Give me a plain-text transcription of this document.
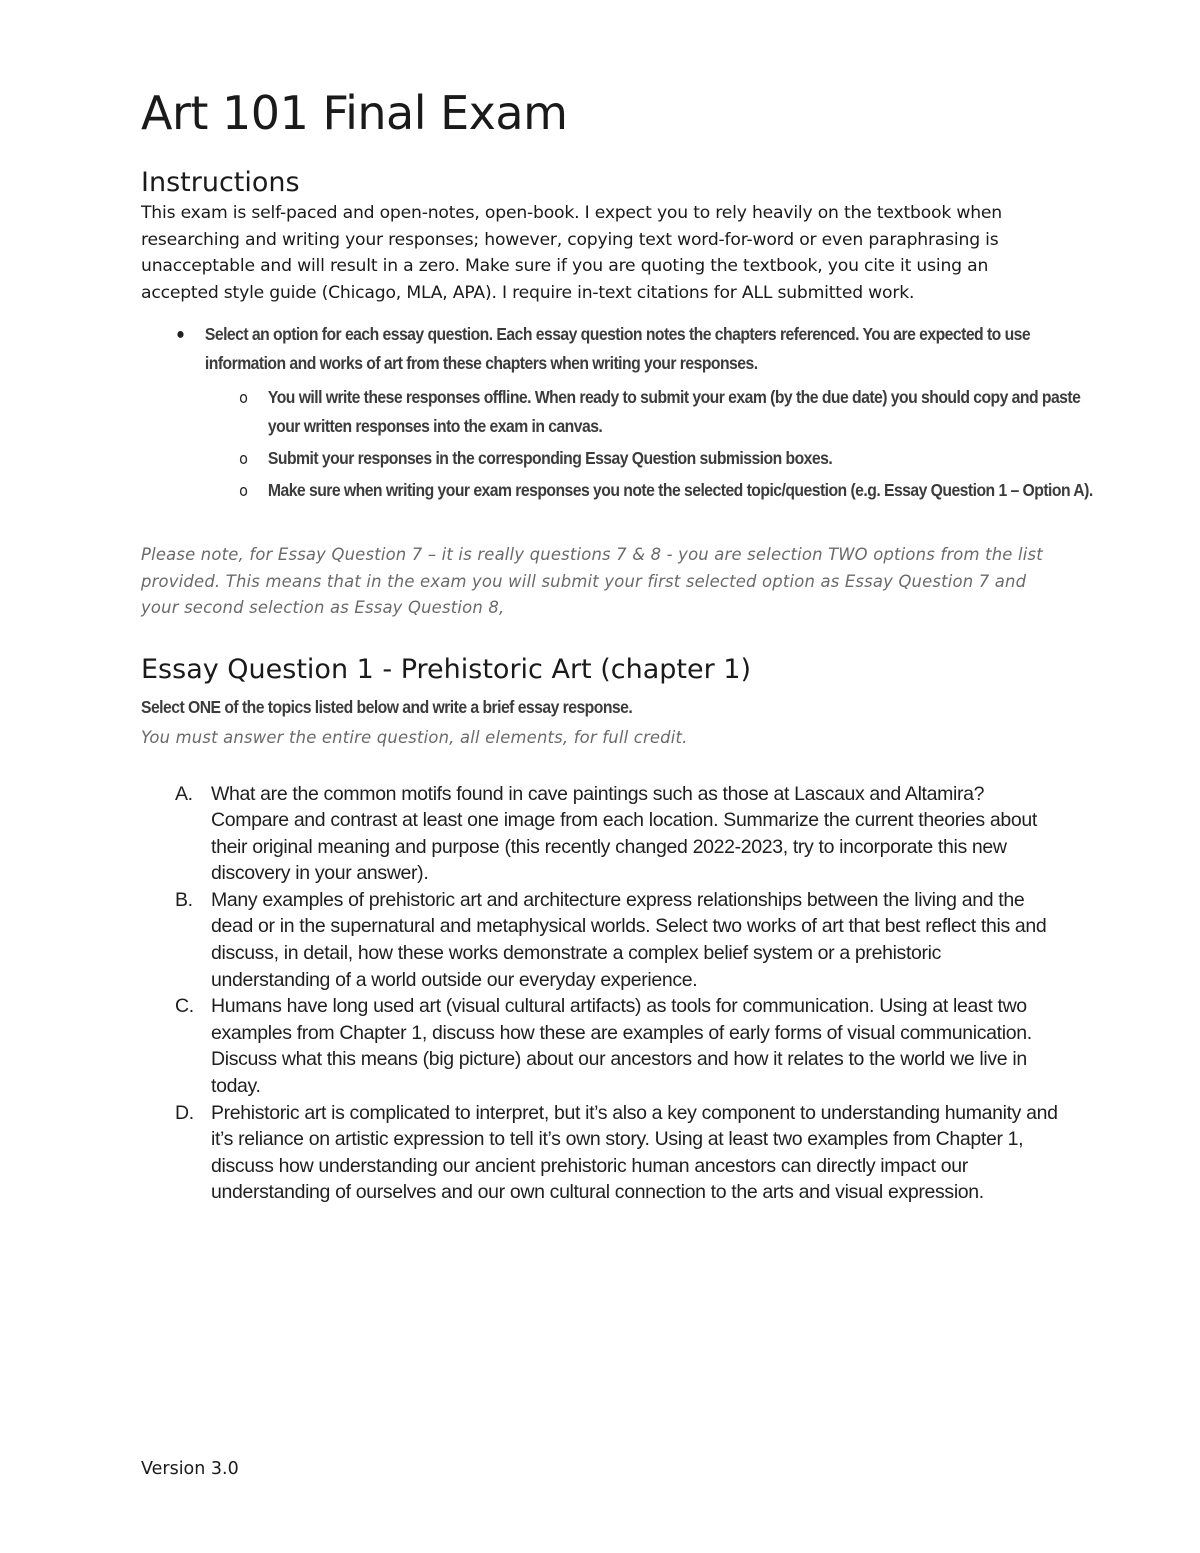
Art 101 Final Exam
Instructions

This exam is self-paced and open-notes, open-book. I expect you to rely heavily on the textbook when researching and writing your responses; however, copying text word-for-word or even paraphrasing is unacceptable and will result in a zero. Make sure if you are quoting the textbook, you cite it using an accepted style guide (Chicago, MLA, APA). I require in-text citations for ALL submitted work.

● Select an option for each essay question. Each essay question notes the chapters referenced. You are expected to use information and works of art from these chapters when writing your responses.
o You will write these responses offline. When ready to submit your exam (by the due date) you should copy and paste your written responses into the exam in canvas.
o Submit your responses in the corresponding Essay Question submission boxes.
o Make sure when writing your exam responses you note the selected topic/question (e.g. Essay Question 1 – Option A).

Please note, for Essay Question 7 – it is really questions 7 & 8 - you are selection TWO options from the list provided. This means that in the exam you will submit your first selected option as Essay Question 7 and your second selection as Essay Question 8,

Essay Question 1 - Prehistoric Art (chapter 1)

Select ONE of the topics listed below and write a brief essay response.

You must answer the entire question, all elements, for full credit.

A. What are the common motifs found in cave paintings such as those at Lascaux and Altamira? Compare and contrast at least one image from each location. Summarize the current theories about their original meaning and purpose (this recently changed 2022-2023, try to incorporate this new discovery in your answer).
B. Many examples of prehistoric art and architecture express relationships between the living and the dead or in the supernatural and metaphysical worlds. Select two works of art that best reflect this and discuss, in detail, how these works demonstrate a complex belief system or a prehistoric understanding of a world outside our everyday experience.
C. Humans have long used art (visual cultural artifacts) as tools for communication. Using at least two examples from Chapter 1, discuss how these are examples of early forms of visual communication. Discuss what this means (big picture) about our ancestors and how it relates to the world we live in today.
D. Prehistoric art is complicated to interpret, but it’s also a key component to understanding humanity and it’s reliance on artistic expression to tell it’s own story. Using at least two examples from Chapter 1, discuss how understanding our ancient prehistoric human ancestors can directly impact our understanding of ourselves and our own cultural connection to the arts and visual expression.
Version 3.0
